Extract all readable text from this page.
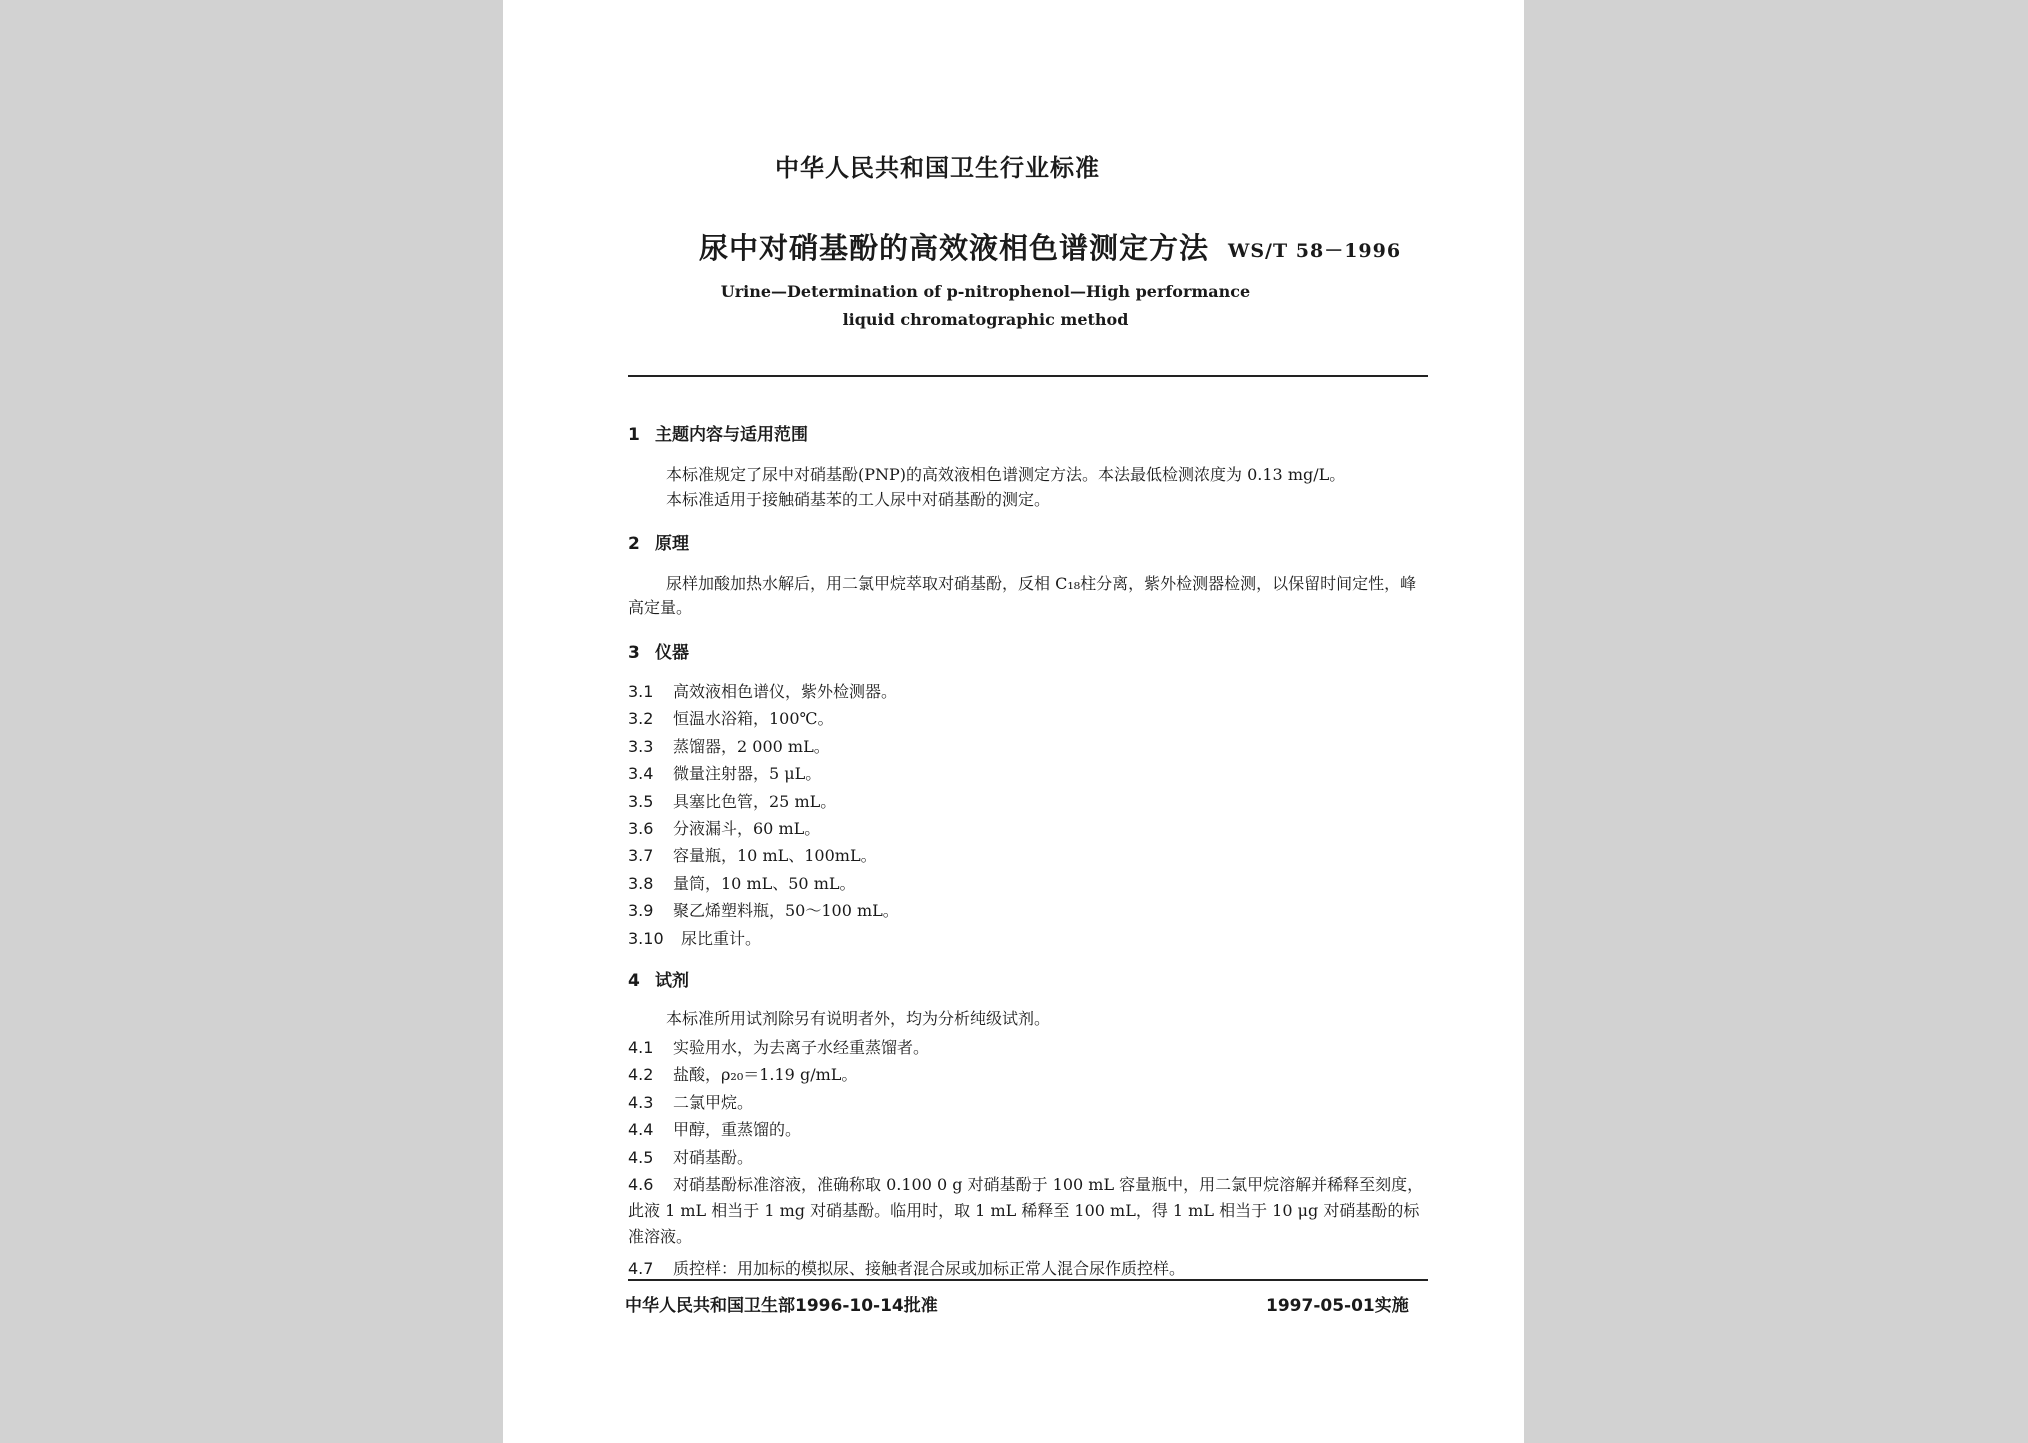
中华人民共和国卫生行业标准
尿中对硝基酚的高效液相色谱测定方法 WS/T 58－1996
Urine—Determination of p-nitrophenol—High performance liquid chromatographic method
1 主题内容与适用范围
本标准规定了尿中对硝基酚(PNP)的高效液相色谱测定方法。本法最低检测浓度为 0.13 mg/L。
本标准适用于接触硝基苯的工人尿中对硝基酚的测定。
2 原理
尿样加酸加热水解后，用二氯甲烷萃取对硝基酚，反相 C₁₈柱分离，紫外检测器检测，以保留时间定性，峰高定量。
3 仪器
3.1 高效液相色谱仪，紫外检测器。
3.2 恒温水浴箱，100℃。
3.3 蒸馏器，2 000 mL。
3.4 微量注射器，5 μL。
3.5 具塞比色管，25 mL。
3.6 分液漏斗，60 mL。
3.7 容量瓶，10 mL、100mL。
3.8 量筒，10 mL、50 mL。
3.9 聚乙烯塑料瓶，50～100 mL。
3.10 尿比重计。
4 试剂
本标准所用试剂除另有说明者外，均为分析纯级试剂。
4.1 实验用水，为去离子水经重蒸馏者。
4.2 盐酸，ρ₂₀＝1.19 g/mL。
4.3 二氯甲烷。
4.4 甲醇，重蒸馏的。
4.5 对硝基酚。
4.6 对硝基酚标准溶液，准确称取 0.100 0 g 对硝基酚于 100 mL 容量瓶中，用二氯甲烷溶解并稀释至刻度，此液 1 mL 相当于 1 mg 对硝基酚。临用时，取 1 mL 稀释至 100 mL，得 1 mL 相当于 10 μg 对硝基酚的标准溶液。
4.7 质控样：用加标的模拟尿、接触者混合尿或加标正常人混合尿作质控样。
中华人民共和国卫生部1996-10-14批准	1997-05-01实施
